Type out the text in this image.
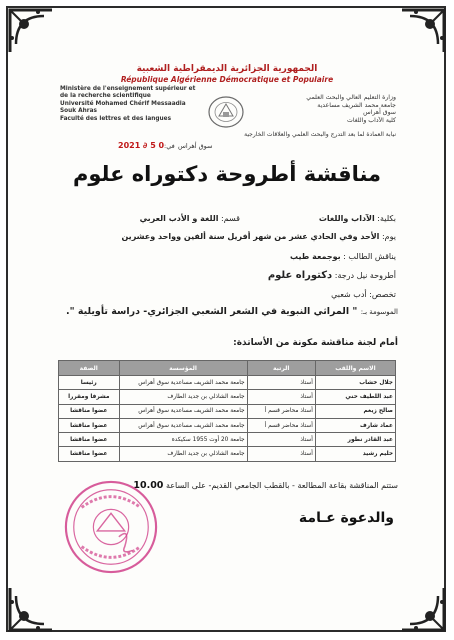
الجمهورية الجزائرية الديمقراطية الشعبية
République Algérienne Démocratique et Populaire
Ministère de l'enseignement supérieur et
de la recherche scientifique
Université Mohamed Chérif Messaadia
Souk Ahras
Faculté des lettres et des langues
وزارة التعليم العالي والبحث العلمي
جامعة محمد الشريف مساعدية
سوق أهراس
كلية الآداب واللغات
نيابة العمادة لما بعد التدرج والبحث العلمي والعلاقات الخارجية
2021 ∂ 5 0 في: سوق أهراس
مناقشة أطروحة دكتوراه علوم
بكلية: الآداب واللغات
قسم: اللغة و الأدب العربي
يوم: الأحد وفي الحادي عشر من شهر أفريل سنة ألفين وواحد وعشرين
يناقش الطالب : بوجمعة طيب
أطروحة نيل درجة: دكتوراه علوم
تخصص: أدب شعبي
الموسومة بـ: " المراثي النبوية في الشعر الشعبي الجزائري- دراسة تأويلية ".
أمام لجنة مناقشة مكونة من الأساتذة:
الاسم واللقب	الرتبة	المؤسسة	الصفة
جلال خشاب	أستاذ	جامعة محمد الشريف مساعدية سوق أهراس	رئيسا
عبد اللطيف حني	أستاذ	جامعة الشاذلي بن جديد الطارف	مشرفا ومقررا
صالح زيغم	أستاذ محاضر قسم أ	جامعة محمد الشريف مساعدية سوق أهراس	عضوا مناقشا
عماد شارف	أستاذ محاضر قسم أ	جامعة محمد الشريف مساعدية سوق أهراس	عضوا مناقشا
عبد القادر نطور	أستاذ	جامعة 20 أوت 1955 سكيكدة	عضوا مناقشا
حليم رشيد	أستاذ	جامعة الشاذلي بن جديد الطارف	عضوا مناقشا
ستتم المناقشة بقاعة المطالعة - بالقطب الجامعي القديم- على الساعة 10.00
والدعوة عـامة
